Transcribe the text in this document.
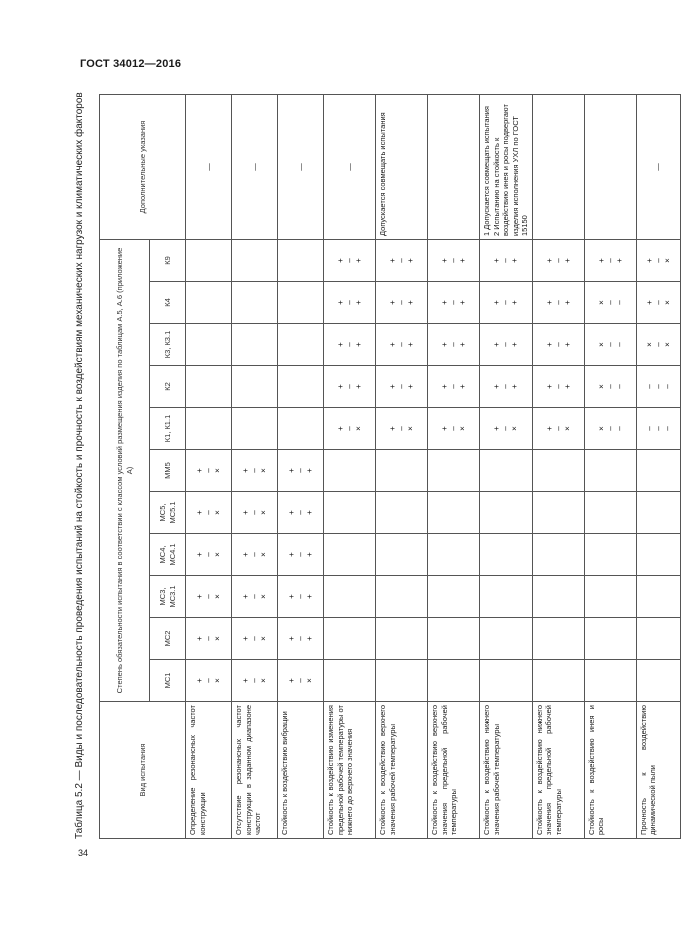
ГОСТ 34012—2016
34
Таблица 5.2 — Виды и последовательность проведения испытаний на стойкость и прочность к воздействиям механических нагрузок и климатических факторов	Вид испытания	Степень обязательности испытания в соответствии с классом условий размещения изделия по таблицам А.5, А.6 (приложение А)											Дополнительные указания
	МС1	МС2	МС3, МС3.1	МС4, МС4.1	МС5, МС5.1	ММ5	К1, К1.1	К2	К3, К3.1	К4	К9	
Определение резонансных частот конструкции	+ – ×	+ – ×	+ – ×	+ – ×	+ – ×	+ – ×						—

Отсутствие резонансных частот конструкции в заданном диапазоне частот	+ – ×	+ – ×	+ – ×	+ – ×	+ – ×	+ – ×						—

Стойкость к воздействию вибрации	+ – ×	+ – +	+ – +	+ – +	+ – +	+ – +						—

Стойкость к воздействию изменения предельной рабочей температуры от нижнего до верхнего значения							+ – ×	+ – +	+ – +	+ – +	+ – +	—

Стойкость к воздействию верхнего значения рабочей температуры							+ – ×	+ – +	+ – +	+ – +	+ – +	Допускается совмещать испытания

Стойкость к воздействию верхнего значения предельной рабочей температуры							+ – ×	+ – +	+ – +	+ – +	+ – +	

Стойкость к воздействию нижнего значения рабочей температуры							+ – ×	+ – +	+ – +	+ – +	+ – +	1 Допускается совмещать испытания 2 Испытанию на стойкость к воздействию инея и росы подвергают изделия исполнения УХЛ по ГОСТ 15150

Стойкость к воздействию нижнего значения предельной рабочей температуры							+ – ×	+ – +	+ – +	+ – +	+ – +	

Стойкость к воздействию инея и росы							× – –	× – –	× – –	× – –	+ – +	

Прочность к воздействию динамической пыли							– – –	– – –	× – ×	+ – ×	+ – ×	—
